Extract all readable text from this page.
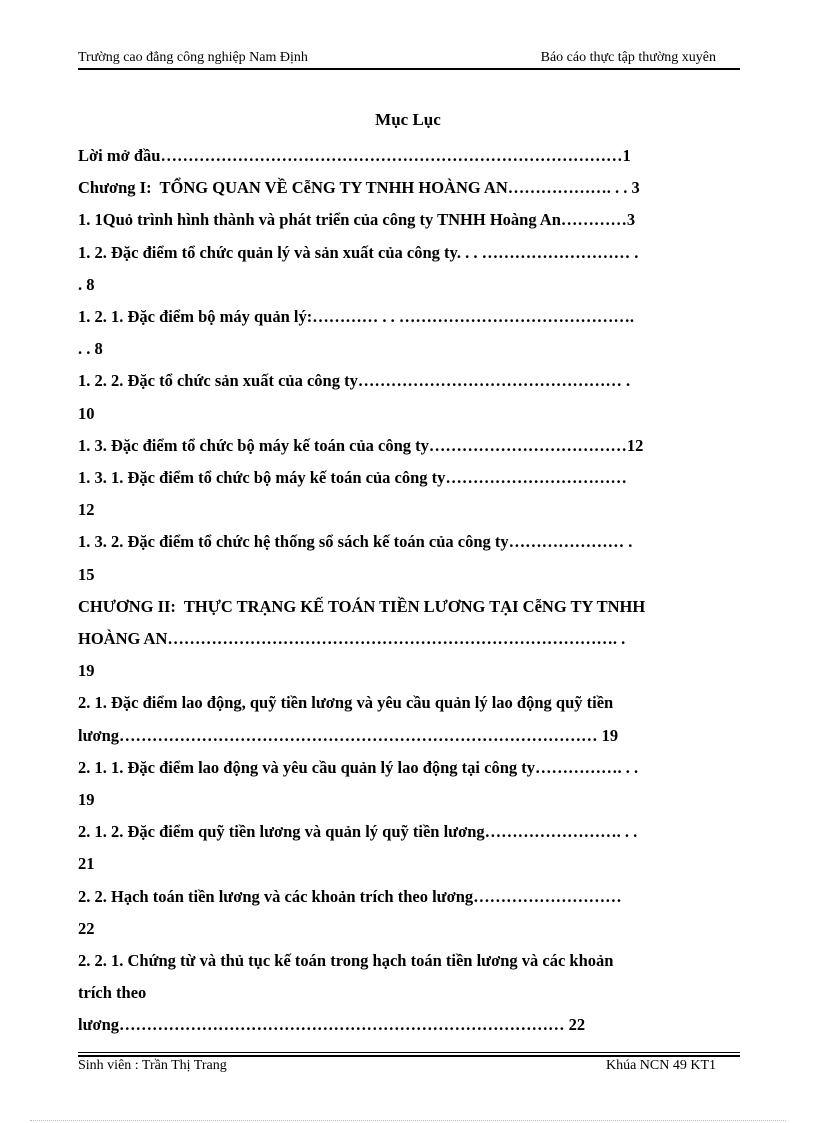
Trường cao đẳng công nghiệp Nam Định	Báo cáo thực tập thường xuyên
Mục Lục
Lời mở đầu…………………………………………………………………………1
Chương I:  TỔNG QUAN VỀ CễNG TY TNHH HOÀNG AN………………. . . 3
1. 1Quỏ trình hình thành và phát triển của công ty TNHH Hoàng An…………3
1. 2. Đặc điểm tổ chức quản lý và sản xuất của công ty. . . ……………………… .
. 8
1. 2. 1. Đặc điểm bộ máy quản lý:………… . . …………………………………….
. . 8
1. 2. 2. Đặc tổ chức sản xuất của công ty………………………………………… .
10
1. 3. Đặc điểm tổ chức bộ máy kế toán của công ty………………………………12
1. 3. 1. Đặc điểm tổ chức bộ máy kế toán của công ty……………………………
12
1. 3. 2. Đặc điểm tổ chức hệ thống sổ sách kế toán của công ty………………… .
15
CHƯƠNG II:  THỰC TRẠNG KẾ TOÁN TIỀN LƯƠNG TẠI CễNG TY TNHH
HOÀNG AN………………………………………………………………………. .
19
2. 1. Đặc điểm lao động, quỹ tiền lương và yêu cầu quản lý lao động quỹ tiền
lương…………………………………………………………………………… 19
2. 1. 1. Đặc điểm lao động và yêu cầu quản lý lao động tại công ty……………. . .
19
2. 1. 2. Đặc điểm quỹ tiền lương và quản lý quỹ tiền lương……………………. . .
21
2. 2. Hạch toán tiền lương và các khoản trích theo lương………………………
22
2. 2. 1. Chứng từ và thủ tục kế toán trong hạch toán tiền lương và các khoản
trích theo
lương……………………………………………………………………… 22
Sinh viên : Trần Thị Trang	Khúa NCN 49 KT1
